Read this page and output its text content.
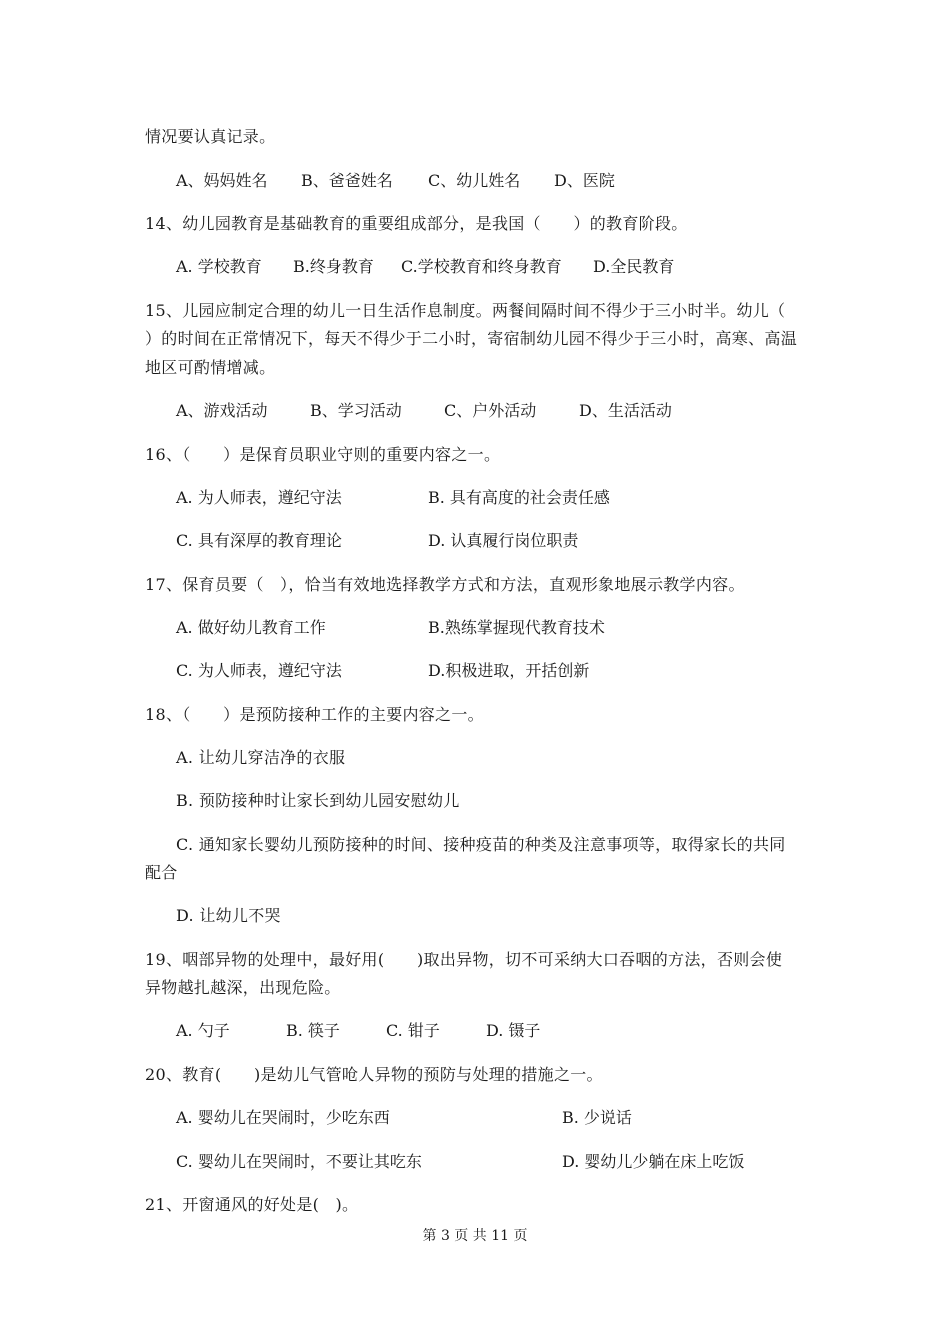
情况要认真记录。
A、妈妈姓名 B、爸爸姓名 C、幼儿姓名 D、医院
14、幼儿园教育是基础教育的重要组成部分，是我国（　　）的教育阶段。
A. 学校教育 B.终身教育 C.学校教育和终身教育 D.全民教育
15、儿园应制定合理的幼儿一日生活作息制度。两餐间隔时间不得少于三小时半。幼儿（
）的时间在正常情况下，每天不得少于二小时，寄宿制幼儿园不得少于三小时，高寒、高温
地区可酌情增减。
A、游戏活动	B、学习活动	C、户外活动	D、生活活动
16、（　　）是保育员职业守则的重要内容之一。
A. 为人师表，遵纪守法	B. 具有高度的社会责任感
C. 具有深厚的教育理论	D. 认真履行岗位职责
17、保育员要（　），恰当有效地选择教学方式和方法，直观形象地展示教学内容。
A. 做好幼儿教育工作	B.熟练掌握现代教育技术
C. 为人师表，遵纪守法	D.积极进取，开括创新
18、（　　）是预防接种工作的主要内容之一。
A. 让幼儿穿洁净的衣服
B. 预防接种时让家长到幼儿园安慰幼儿
C. 通知家长婴幼儿预防接种的时间、接种疫苗的种类及注意事项等，取得家长的共同
配合
D. 让幼儿不哭
19、咽部异物的处理中，最好用(　　)取出异物，切不可采纳大口吞咽的方法，否则会使
异物越扎越深，出现危险。
A. 勺子	B. 筷子	C. 钳子	D. 镊子
20、教育(　　)是幼儿气管呛人异物的预防与处理的措施之一。
A. 婴幼儿在哭闹时，少吃东西	B. 少说话
C. 婴幼儿在哭闹时，不要让其吃东	D. 婴幼儿少躺在床上吃饭
21、开窗通风的好处是(　)。
第 3 页 共 11 页
